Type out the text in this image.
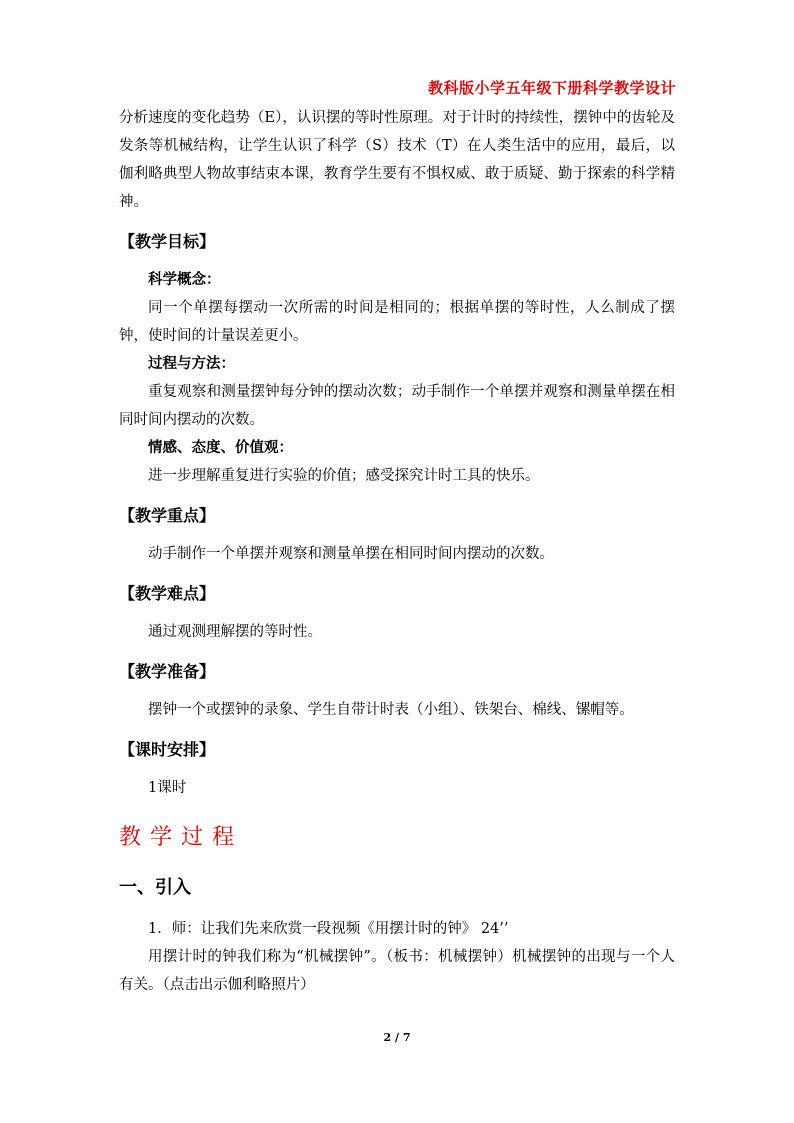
教科版小学五年级下册科学教学设计

分析速度的变化趋势（E），认识摆的等时性原理。对于计时的持续性，摆钟中的齿轮及发条等机械结构，让学生认识了科学（S）技术（T）在人类生活中的应用，最后，以伽利略典型人物故事结束本课，教育学生要有不惧权威、敢于质疑、勤于探索的科学精神。

【教学目标】
科学概念：

同一个单摆每摆动一次所需的时间是相同的；根据单摆的等时性，人么制成了摆钟，使时间的计量误差更小。

过程与方法：

重复观察和测量摆钟每分钟的摆动次数；动手制作一个单摆并观察和测量单摆在相同时间内摆动的次数。

情感、态度、价值观：

进一步理解重复进行实验的价值；感受探究计时工具的快乐。

【教学重点】

动手制作一个单摆并观察和测量单摆在相同时间内摆动的次数。

【教学难点】

通过观测理解摆的等时性。

【教学准备】

摆钟一个或摆钟的录象、学生自带计时表（小组）、铁架台、棉线、镙帽等。

【课时安排】

1课时

教学过程
一、引入

1．师：让我们先来欣赏一段视频《用摆计时的钟》 24’’

用摆计时的钟我们称为“机械摆钟”。（板书：机械摆钟）机械摆钟的出现与一个人有关。（点击出示伽利略照片）

2 / 7
